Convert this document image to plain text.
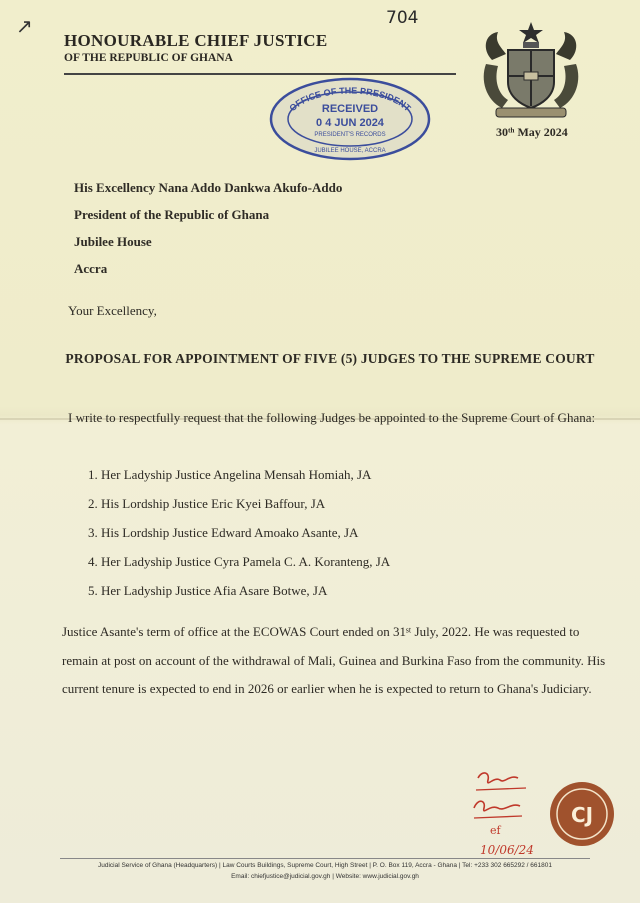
↗	704
HONOURABLE CHIEF JUSTICE
OF THE REPUBLIC OF GHANA
30ᵗʰ May 2024
OFFICE OF THE PRESIDENT
RECEIVED
0 4 JUN 2024
PRESIDENT'S RECORDS
JUBILEE HOUSE, ACCRA
His Excellency Nana Addo Dankwa Akufo-Addo
President of the Republic of Ghana
Jubilee House
Accra
Your Excellency,
PROPOSAL FOR APPOINTMENT OF FIVE (5) JUDGES TO THE SUPREME COURT
I write to respectfully request that the following Judges be appointed to the Supreme Court of Ghana:
1. Her Ladyship Justice Angelina Mensah Homiah, JA
2. His Lordship Justice Eric Kyei Baffour, JA
3. His Lordship Justice Edward Amoako Asante, JA
4. Her Ladyship Justice Cyra Pamela C. A. Koranteng, JA
5. Her Ladyship Justice Afia Asare Botwe, JA
Justice Asante's term of office at the ECOWAS Court ended on 31ˢᵗ July, 2022. He was requested to remain at post on account of the withdrawal of Mali, Guinea and Burkina Faso from the community. His current tenure is expected to end in 2026 or earlier when he is expected to return to Ghana's Judiciary.
ef
10/06/24
CJ
Judicial Service of Ghana (Headquarters) | Law Courts Buildings, Supreme Court, High Street | P. O. Box 119, Accra - Ghana | Tel: +233 302 665292 / 661801
Email: chiefjustice@judicial.gov.gh | Website: www.judicial.gov.gh
